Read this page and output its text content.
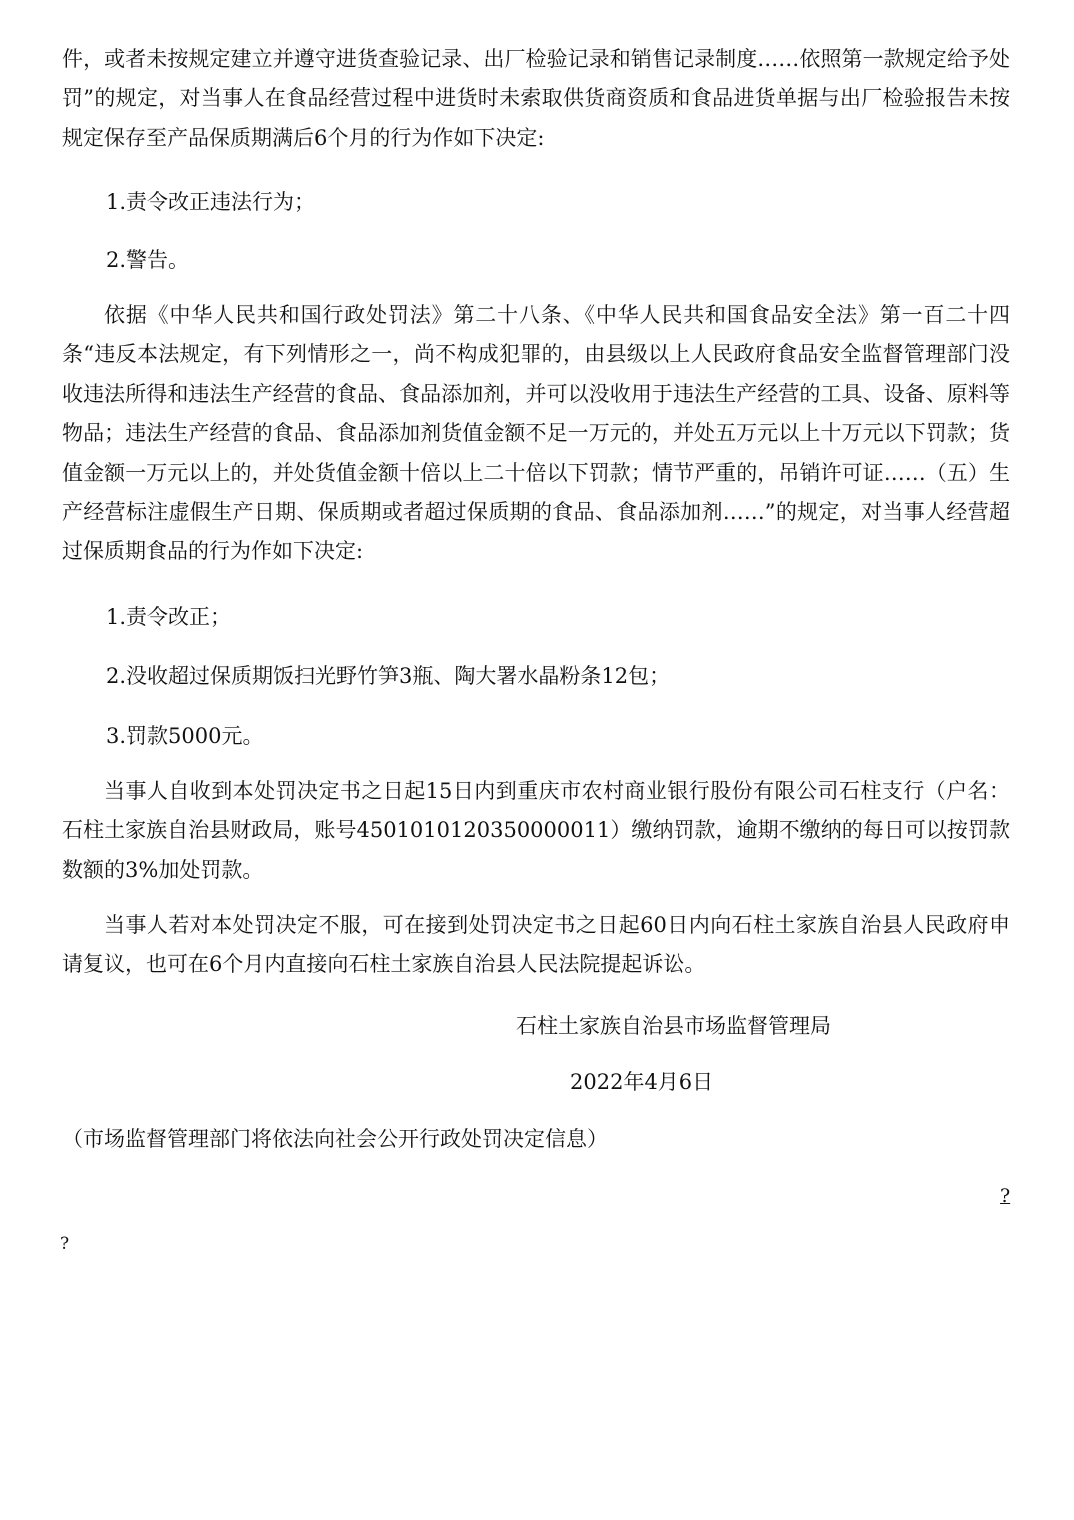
件，或者未按规定建立并遵守进货查验记录、出厂检验记录和销售记录制度……依照第一款规定给予处罚”的规定，对当事人在食品经营过程中进货时未索取供货商资质和食品进货单据与出厂检验报告未按规定保存至产品保质期满后6个月的行为作如下决定:

1.责令改正违法行为；

2.警告。

依据《中华人民共和国行政处罚法》第二十八条、《中华人民共和国食品安全法》第一百二十四条“违反本法规定，有下列情形之一，尚不构成犯罪的，由县级以上人民政府食品安全监督管理部门没收违法所得和违法生产经营的食品、食品添加剂，并可以没收用于违法生产经营的工具、设备、原料等物品；违法生产经营的食品、食品添加剂货值金额不足一万元的，并处五万元以上十万元以下罚款；货值金额一万元以上的，并处货值金额十倍以上二十倍以下罚款；情节严重的，吊销许可证……（五）生产经营标注虚假生产日期、保质期或者超过保质期的食品、食品添加剂……”的规定，对当事人经营超过保质期食品的行为作如下决定:

1.责令改正；

2.没收超过保质期饭扫光野竹笋3瓶、陶大署水晶粉条12包；

3.罚款5000元。

当事人自收到本处罚决定书之日起15日内到重庆市农村商业银行股份有限公司石柱支行（户名：石柱土家族自治县财政局，账号4501010120350000011）缴纳罚款，逾期不缴纳的每日可以按罚款数额的3%加处罚款。

当事人若对本处罚决定不服，可在接到处罚决定书之日起60日内向石柱土家族自治县人民政府申请复议，也可在6个月内直接向石柱土家族自治县人民法院提起诉讼。

石柱土家族自治县市场监督管理局

2022年4月6日

（市场监督管理部门将依法向社会公开行政处罚决定信息）

?
?
